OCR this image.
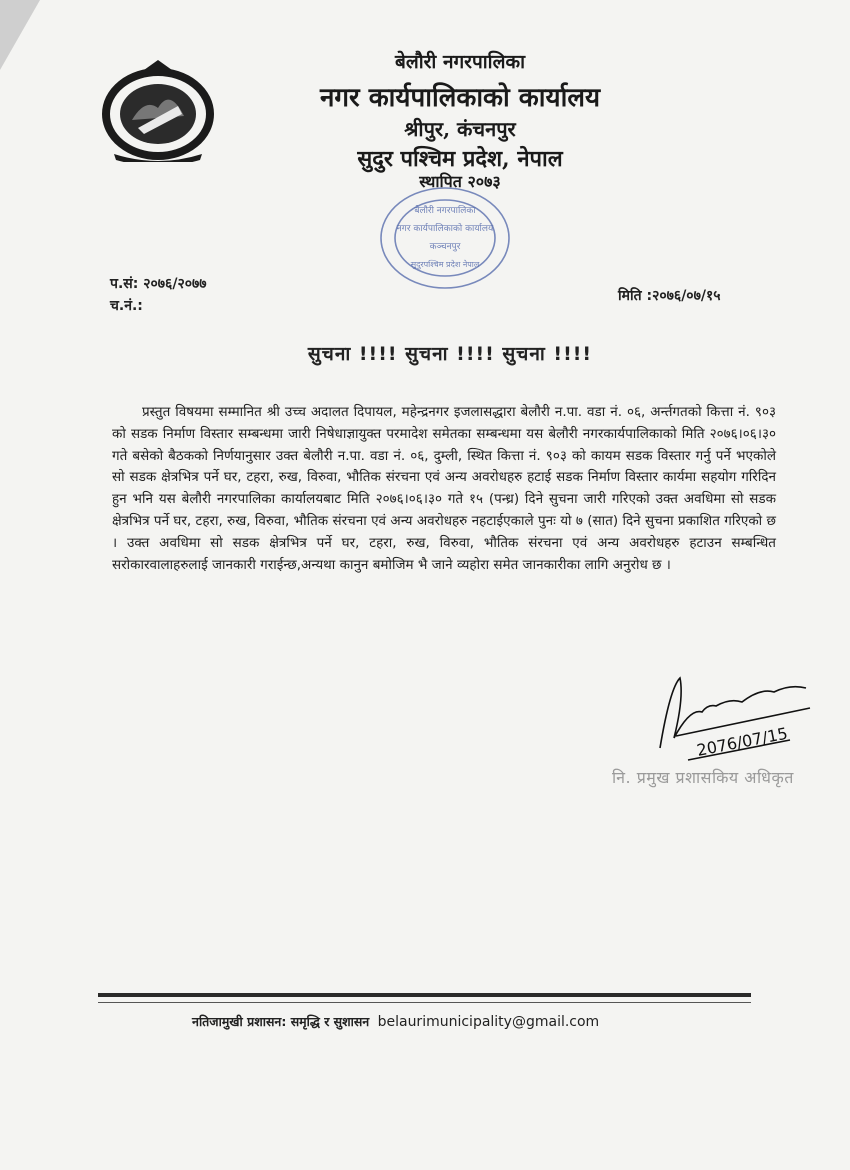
बेलौरी नगरपालिका
नगर कार्यपालिकाको कार्यालय
श्रीपुर, कंचनपुर
सुदुर पश्चिम प्रदेश, नेपाल
स्थापित २०७३
बेलौरी नगरपालिका
नगर कार्यपालिकाको कार्यालय
कञ्चनपुर
सुदुरपश्चिम प्रदेश नेपाल
प.सं: २०७६/२०७७
च.नं.:
मिति :२०७६/०७/१५
सुचना !!!! सुचना !!!! सुचना !!!!
प्रस्तुत विषयमा सम्मानित श्री उच्च अदालत दिपायल, महेन्द्रनगर इजलासद्धारा बेलौरी न.पा. वडा नं. ०६, अर्न्तगतको कित्ता नं. ९०३ को सडक निर्माण विस्तार सम्बन्धमा जारी निषेधाज्ञायुक्त परमादेश समेतका सम्बन्धमा यस बेलौरी नगरकार्यपालिकाको मिति २०७६।०६।३० गते बसेको बैठकको निर्णयानुसार उक्त बेलौरी न.पा. वडा नं. ०६, दुम्ली, स्थित कित्ता नं. ९०३ को कायम सडक विस्तार गर्नु पर्ने भएकोले सो सडक क्षेत्रभित्र पर्ने घर, टहरा, रुख, विरुवा, भौतिक संरचना एवं अन्य अवरोधहरु हटाई सडक निर्माण विस्तार कार्यमा सहयोग गरिदिन हुन भनि यस बेलौरी नगरपालिका कार्यालयबाट मिति २०७६।०६।३० गते १५ (पन्ध्र) दिने सुचना जारी गरिएको उक्त अवधिमा सो सडक क्षेत्रभित्र पर्ने घर, टहरा, रुख, विरुवा, भौतिक संरचना एवं अन्य अवरोधहरु नहटाईएकाले पुनः यो ७ (सात) दिने सुचना प्रकाशित गरिएको छ । उक्त अवधिमा सो सडक क्षेत्रभित्र पर्ने घर, टहरा, रुख, विरुवा, भौतिक संरचना एवं अन्य अवरोधहरु हटाउन सम्बन्धित सरोकारवालाहरुलाई जानकारी गराईन्छ,अन्यथा कानुन बमोजिम भै जाने व्यहोरा समेत जानकारीका लागि अनुरोध छ ।
2076/07/15
नि. प्रमुख प्रशासकिय अधिकृत
नतिजामुखी प्रशासन: समृद्धि र सुशासन belaurimunicipality@gmail.com
